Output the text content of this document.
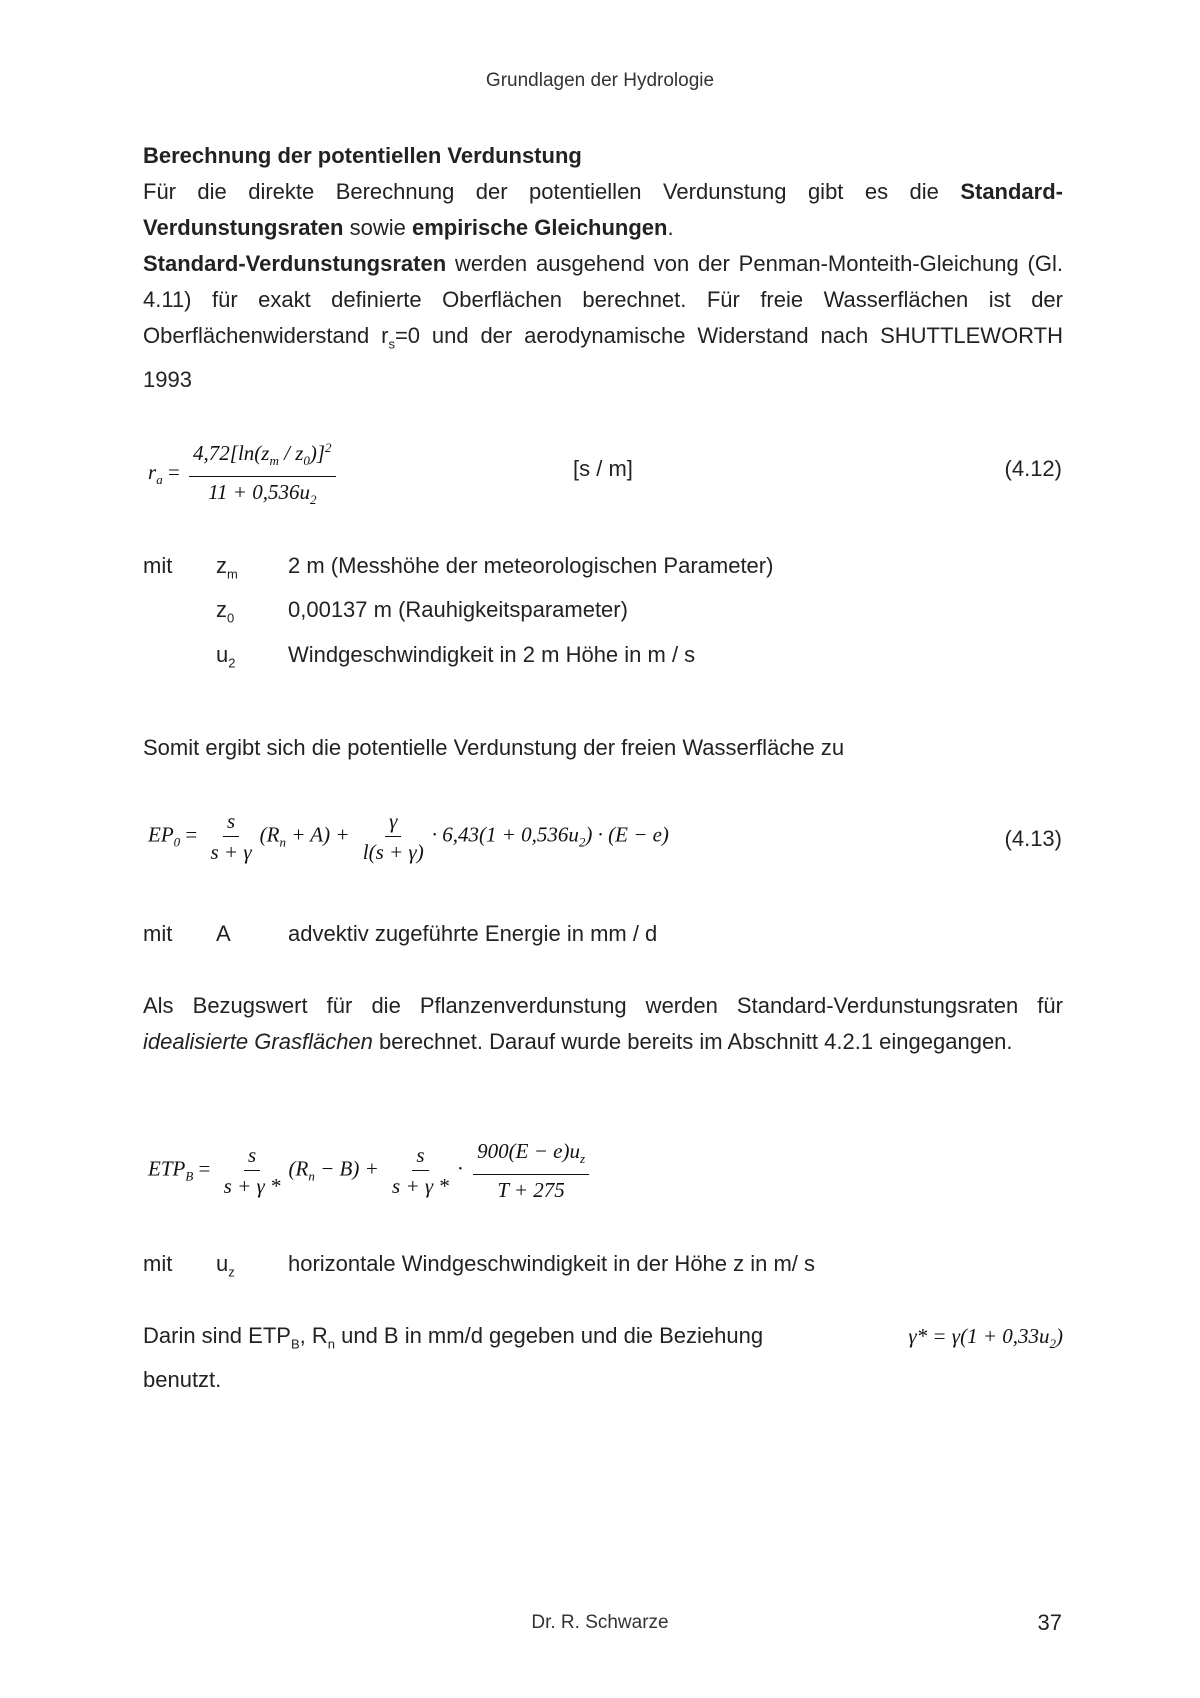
Grundlagen der Hydrologie
Berechnung der potentiellen Verdunstung
Für die direkte Berechnung der potentiellen Verdunstung gibt es die Standard-Verdunstungsraten sowie empirische Gleichungen.
Standard-Verdunstungsraten werden ausgehend von der Penman-Monteith-Gleichung (Gl. 4.11) für exakt definierte Oberflächen berechnet. Für freie Wasserflächen ist der Oberflächenwiderstand $r_s=0$ und der aerodynamische Widerstand nach SHUTTLEWORTH 1993
$r_a = \frac{4,72[\ln(z_m / z_0)]^2}{11 + 0,536u_2}$	[s / m]	(4.12)
mit	$z_m$	2 m (Messhöhe der meteorologischen Parameter)
$z_0$	0,00137 m (Rauhigkeitsparameter)
$u_2$	Windgeschwindigkeit in 2 m Höhe in m / s
Somit ergibt sich die potentielle Verdunstung der freien Wasserfläche zu
$EP_0 = \frac{s}{s + \gamma} (R_n + A) + \frac{\gamma}{l(s + \gamma)} \cdot 6,43(1 + 0,536u_2) \cdot (E - e)$	(4.13)
mit	A	advektiv zugeführte Energie in mm / d
Als Bezugswert für die Pflanzenverdunstung werden Standard-Verdunstungsraten für idealisierte Grasflächen berechnet. Darauf wurde bereits im Abschnitt 4.2.1 eingegangen.
$ETP_B = \frac{s}{s + \gamma *} (R_n - B) + \frac{s}{s + \gamma *} \cdot \frac{900(E - e)u_z}{T + 275}$
mit	$u_z$	horizontale Windgeschwindigkeit in der Höhe z in m/ s
Darin sind $ETP_B$, $R_n$ und B in mm/d gegeben und die Beziehung	$\gamma* = \gamma(1 + 0,33u_2)$
benutzt.
Dr. R. Schwarze	37
